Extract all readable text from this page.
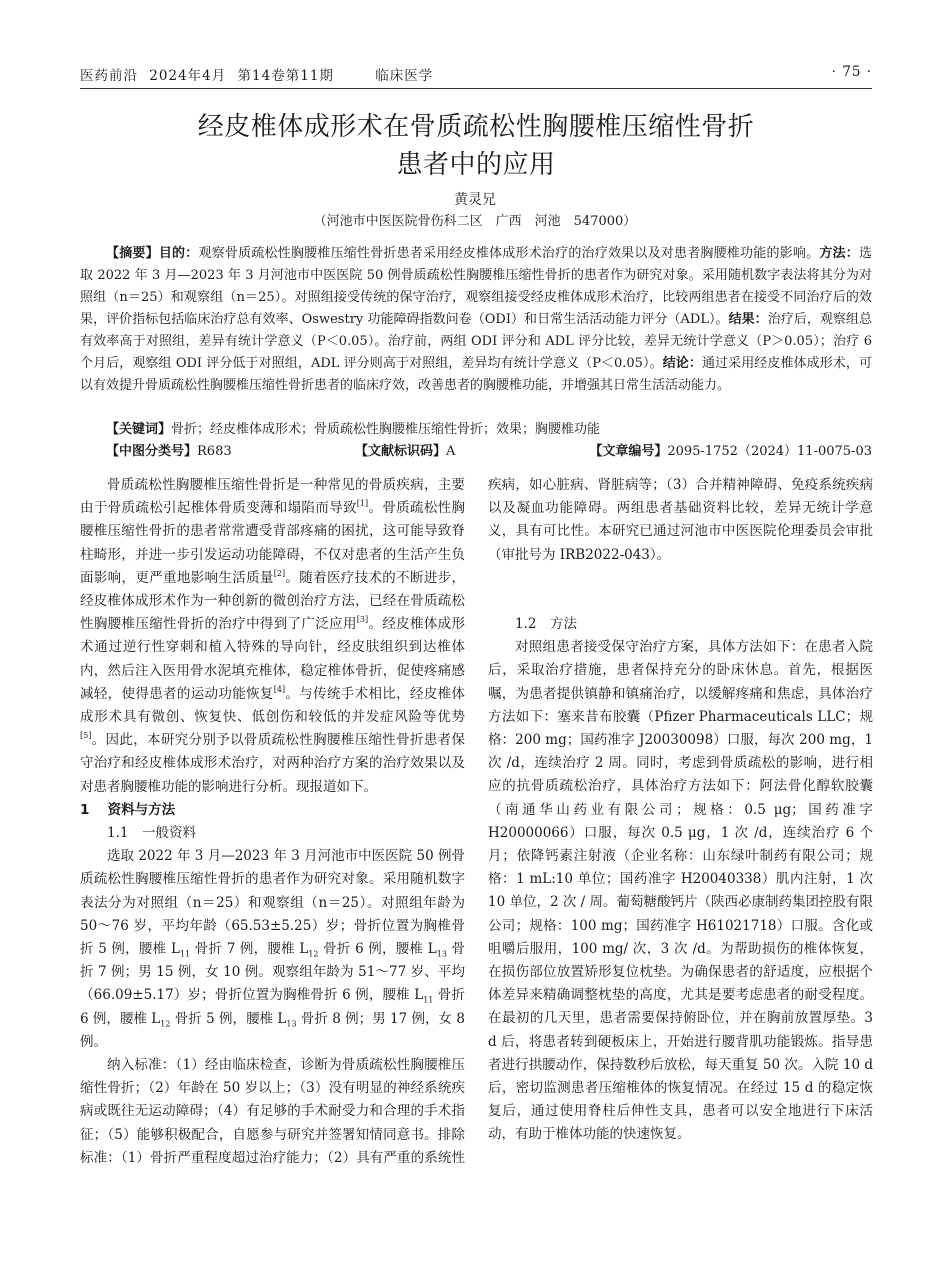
医药前沿 2024年4月 第14卷第11期	临床医学	· 75 ·
经皮椎体成形术在骨质疏松性胸腰椎压缩性骨折
患者中的应用
黄灵兄
（河池市中医医院骨伤科二区　广西　河池　547000）
【摘要】目的：观察骨质疏松性胸腰椎压缩性骨折患者采用经皮椎体成形术治疗的治疗效果以及对患者胸腰椎功能的影响。方法：选取 2022 年 3 月—2023 年 3 月河池市中医医院 50 例骨质疏松性胸腰椎压缩性骨折的患者作为研究对象。采用随机数字表法将其分为对照组（n＝25）和观察组（n＝25）。对照组接受传统的保守治疗，观察组接受经皮椎体成形术治疗，比较两组患者在接受不同治疗后的效果，评价指标包括临床治疗总有效率、Oswestry 功能障碍指数问卷（ODI）和日常生活活动能力评分（ADL）。结果：治疗后，观察组总有效率高于对照组，差异有统计学意义（P＜0.05）。治疗前，两组 ODI 评分和 ADL 评分比较，差异无统计学意义（P＞0.05）；治疗 6 个月后，观察组 ODI 评分低于对照组，ADL 评分则高于对照组，差异均有统计学意义（P＜0.05）。结论：通过采用经皮椎体成形术，可以有效提升骨质疏松性胸腰椎压缩性骨折患者的临床疗效，改善患者的胸腰椎功能，并增强其日常生活活动能力。
【关键词】骨折；经皮椎体成形术；骨质疏松性胸腰椎压缩性骨折；效果；胸腰椎功能
【中图分类号】R683	【文献标识码】A	【文章编号】2095-1752（2024）11-0075-03

骨质疏松性胸腰椎压缩性骨折是一种常见的骨质疾病，主要由于骨质疏松引起椎体骨质变薄和塌陷而导致[1]。骨质疏松性胸腰椎压缩性骨折的患者常常遭受背部疼痛的困扰，这可能导致脊柱畸形，并进一步引发运动功能障碍，不仅对患者的生活产生负面影响，更严重地影响生活质量[2]。随着医疗技术的不断进步，经皮椎体成形术作为一种创新的微创治疗方法，已经在骨质疏松性胸腰椎压缩性骨折的治疗中得到了广泛应用[3]。经皮椎体成形术通过逆行性穿刺和植入特殊的导向针，经皮肤组织到达椎体内，然后注入医用骨水泥填充椎体，稳定椎体骨折，促使疼痛感减轻，使得患者的运动功能恢复[4]。与传统手术相比，经皮椎体成形术具有微创、恢复快、低创伤和较低的并发症风险等优势[5]。因此，本研究分别予以骨质疏松性胸腰椎压缩性骨折患者保守治疗和经皮椎体成形术治疗，对两种治疗方案的治疗效果以及对患者胸腰椎功能的影响进行分析。现报道如下。

1　 资料与方法
1.1　一般资料

选取 2022 年 3 月—2023 年 3 月河池市中医医院 50 例骨质疏松性胸腰椎压缩性骨折的患者作为研究对象。采用随机数字表法分为对照组（n＝25）和观察组（n＝25）。对照组年龄为 50～76 岁，平均年龄（65.53±5.25）岁；骨折位置为胸椎骨折 5 例，腰椎 $L_{11}$ 骨折 7 例，腰椎 $L_{12}$ 骨折 6 例，腰椎 $L_{13}$ 骨折 7 例；男 15 例，女 10 例。观察组年龄为 51～77 岁、平均（66.09±5.17）岁；骨折位置为胸椎骨折 6 例，腰椎 $L_{11}$ 骨折 6 例，腰椎 $L_{12}$ 骨折 5 例，腰椎 $L_{13}$ 骨折 8 例；男 17 例，女 8 例。

纳入标准：（1）经由临床检查，诊断为骨质疏松性胸腰椎压缩性骨折；（2）年龄在 50 岁以上；（3）没有明显的神经系统疾病或既往无运动障碍；（4）有足够的手术耐受力和合理的手术指征；（5）能够积极配合，自愿参与研究并签署知情同意书。排除标准：（1）骨折严重程度超过治疗能力；（2）具有严重的系统性

疾病，如心脏病、肾脏病等；（3）合并精神障碍、免疫系统疾病以及凝血功能障碍。两组患者基础资料比较，差异无统计学意义，具有可比性。本研究已通过河池市中医医院伦理委员会审批（审批号为 IRB2022-043）。

1.2　方法

对照组患者接受保守治疗方案，具体方法如下：在患者入院后，采取治疗措施，患者保持充分的卧床休息。首先，根据医嘱，为患者提供镇静和镇痛治疗，以缓解疼痛和焦虑，具体治疗方法如下：塞来昔布胶囊（Pfizer Pharmaceuticals LLC；规格：200 mg；国药准字 J20030098）口服，每次 200 mg，1 次 /d，连续治疗 2 周。同时，考虑到骨质疏松的影响，进行相应的抗骨质疏松治疗，具体治疗方法如下：阿法骨化醇软胶囊（南通华山药业有限公司；规格：0.5 μg；国药准字 H20000066）口服，每次 0.5 μg，1 次 /d，连续治疗 6 个月；依降钙素注射液（企业名称：山东绿叶制药有限公司；规格：1 mL:10 单位；国药准字 H20040338）肌内注射，1 次 10 单位，2 次 / 周。葡萄糖酸钙片（陕西必康制药集团控股有限公司；规格：100 mg；国药准字 H61021718）口服。含化或咀嚼后服用，100 mg/ 次，3 次 /d。为帮助损伤的椎体恢复，在损伤部位放置矫形复位枕垫。为确保患者的舒适度，应根据个体差异来精确调整枕垫的高度，尤其是要考虑患者的耐受程度。在最初的几天里，患者需要保持俯卧位，并在胸前放置厚垫。3 d 后，将患者转到硬板床上，开始进行腰背肌功能锻炼。指导患者进行拱腰动作，保持数秒后放松，每天重复 50 次。入院 10 d 后，密切监测患者压缩椎体的恢复情况。在经过 15 d 的稳定恢复后，通过使用脊柱后伸性支具，患者可以安全地进行下床活动，有助于椎体功能的快速恢复。
